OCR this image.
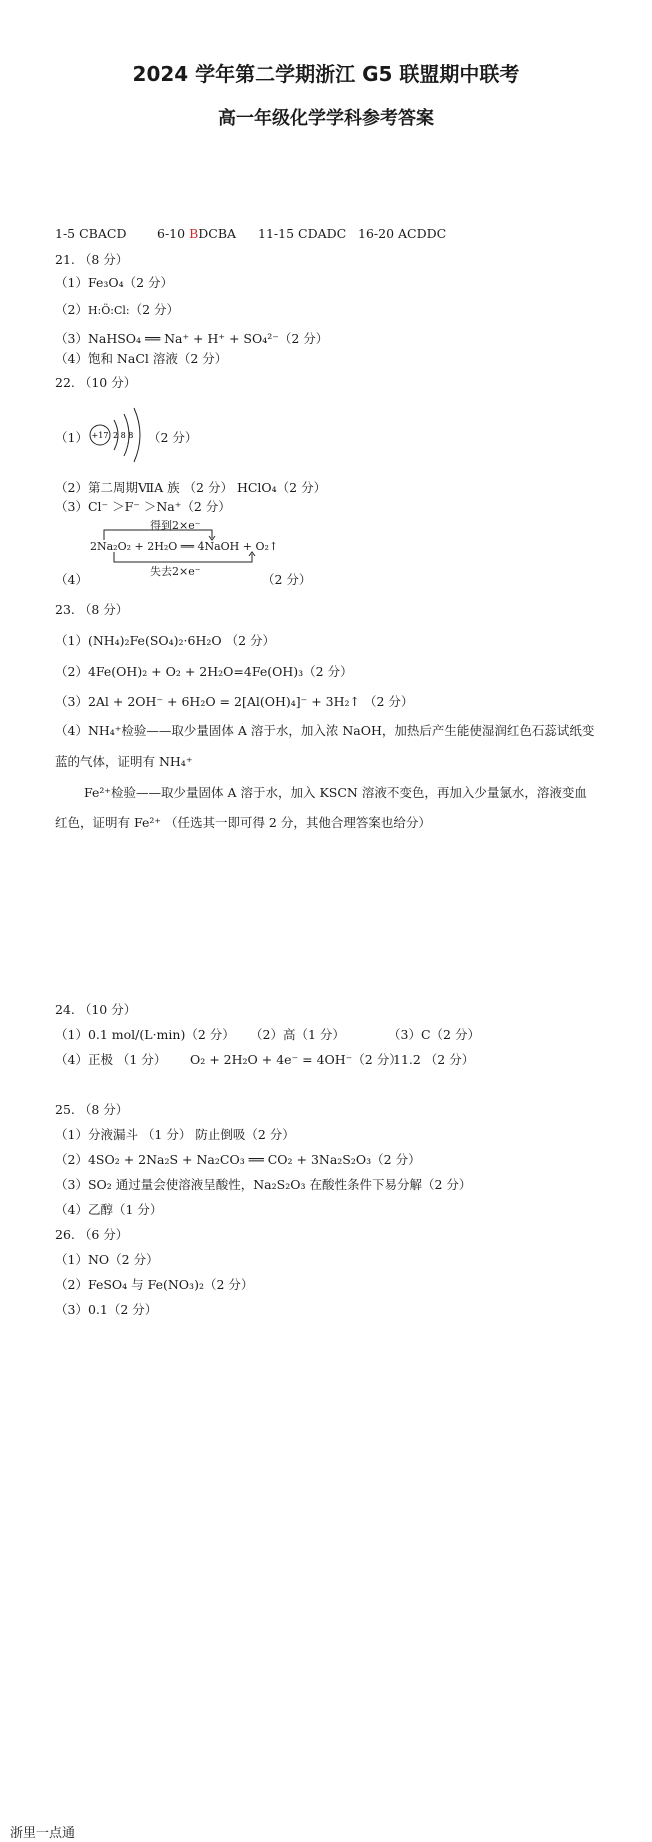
2024 学年第二学期浙江 G5 联盟期中联考
高一年级化学学科参考答案
1-5 CBACD 6-10 BDCBA 11-15 CDADC 16-20 ACDDC
21. （8 分）
（1）Fe₃O₄（2 分）
（2）H:Ö:Cl:（2 分）
（3）NaHSO₄ ══ Na⁺ + H⁺ + SO₄²⁻（2 分）
（4）饱和 NaCl 溶液（2 分）
22. （10 分）
（1） +17 2 8 8 （2 分）
（2）第二周期ⅦA 族 （2 分） HClO₄（2 分）
（3）Cl⁻ ＞F⁻ ＞Na⁺（2 分）
得到2×e⁻
2Na₂O₂ + 2H₂O ══ 4NaOH + O₂↑
失去2×e⁻
（4）	（2 分）
23. （8 分）
（1）(NH₄)₂Fe(SO₄)₂·6H₂O （2 分）
（2）4Fe(OH)₂ + O₂ + 2H₂O=4Fe(OH)₃（2 分）
（3）2Al + 2OH⁻ + 6H₂O = 2[Al(OH)₄]⁻ + 3H₂↑ （2 分）
（4）NH₄⁺检验——取少量固体 A 溶于水，加入浓 NaOH，加热后产生能使湿润红色石蕊试纸变
蓝的气体，证明有 NH₄⁺
Fe²⁺检验——取少量固体 A 溶于水，加入 KSCN 溶液不变色，再加入少量氯水，溶液变血
红色，证明有 Fe²⁺ （任选其一即可得 2 分，其他合理答案也给分）
24. （10 分）
（1）0.1 mol/(L·min)（2 分） （2）高（1 分）	（3）C（2 分）
（4）正极 （1 分） O₂ + 2H₂O + 4e⁻ = 4OH⁻（2 分）
11.2 （2 分）
25. （8 分）
（1）分液漏斗 （1 分） 防止倒吸（2 分）
（2）4SO₂ + 2Na₂S + Na₂CO₃ ══ CO₂ + 3Na₂S₂O₃（2 分）
（3）SO₂ 通过量会使溶液呈酸性，Na₂S₂O₃ 在酸性条件下易分解（2 分）
（4）乙醇（1 分）
26. （6 分）
（1）NO（2 分）
（2）FeSO₄ 与 Fe(NO₃)₂（2 分）
（3）0.1（2 分）
浙里一点通
